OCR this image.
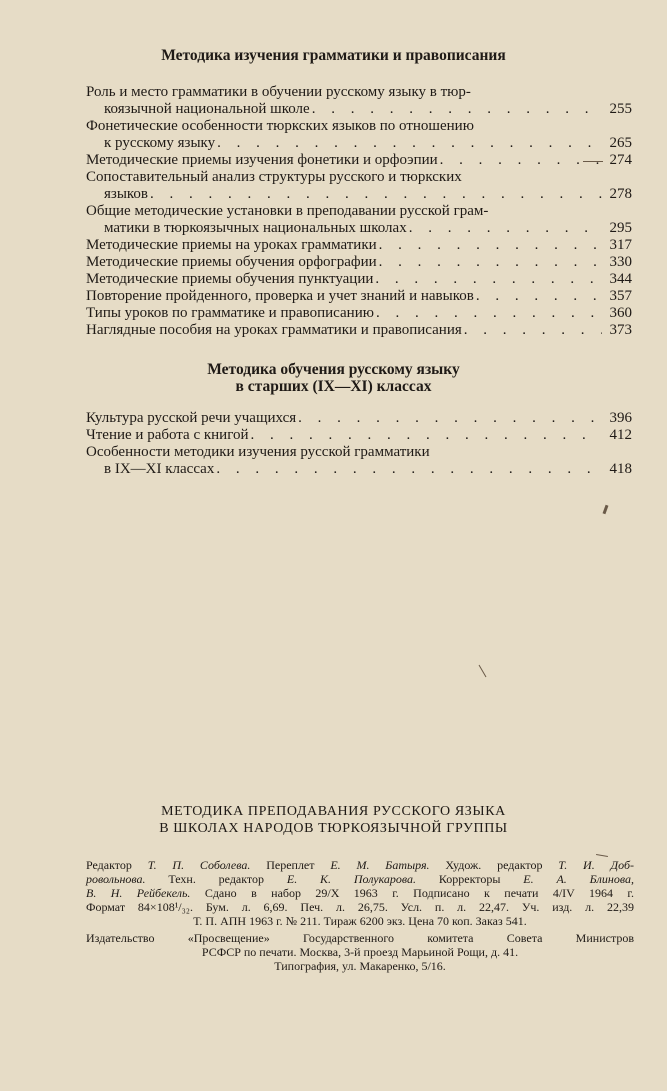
Методика изучения грамматики и правописания
Роль и место грамматики в обучении русскому языку в тюр-
коязычной национальной школе . . .	255
Фонетические особенности тюркских языков по отношению
к русскому языку . . .	265
Методические приемы изучения фонетики и орфоэпии . . .	274
Сопоставительный анализ структуры русского и тюркских
языков . . .	278
Общие методические установки в преподавании русской грам-
матики в тюркоязычных национальных школах . . .	295
Методические приемы на уроках грамматики . . .	317
Методические приемы обучения орфографии . . .	330
Методические приемы обучения пунктуации . . .	344
Повторение пройденного, проверка и учет знаний и навыков . . .	357
Типы уроков по грамматике и правописанию . . .	360
Наглядные пособия на уроках грамматики и правописания . . .	373
Методика обучения русскому языку
в старших (IX—XI) классах
Культура русской речи учащихся . . .	396
Чтение и работа с книгой . . .	412
Особенности методики изучения русской грамматики
в IX—XI классах . . .	418
МЕТОДИКА ПРЕПОДАВАНИЯ РУССКОГО ЯЗЫКА
В ШКОЛАХ НАРОДОВ ТЮРКОЯЗЫЧНОЙ ГРУППЫ
Редактор Т. П. Соболева. Переплет Е. М. Батыря. Худож. редактор Т. И. Доб-
ровольнова. Техн. редактор Е. К. Полукарова. Корректоры Е. А. Блинова,
В. Н. Рейбекель. Сдано в набор 29/X 1963 г. Подписано к печати 4/IV 1964 г.
Формат 84×108¹/₃₂. Бум. л. 6,69. Печ. л. 26,75. Усл. п. л. 22,47. Уч. изд. л. 22,39
Т. П. АПН 1963 г. № 211. Тираж 6200 экз. Цена 70 коп. Заказ 541.
Издательство «Просвещение» Государственного комитета Совета Министров
РСФСР по печати. Москва, 3-й проезд Марьиной Рощи, д. 41.
Типография, ул. Макаренко, 5/16.
